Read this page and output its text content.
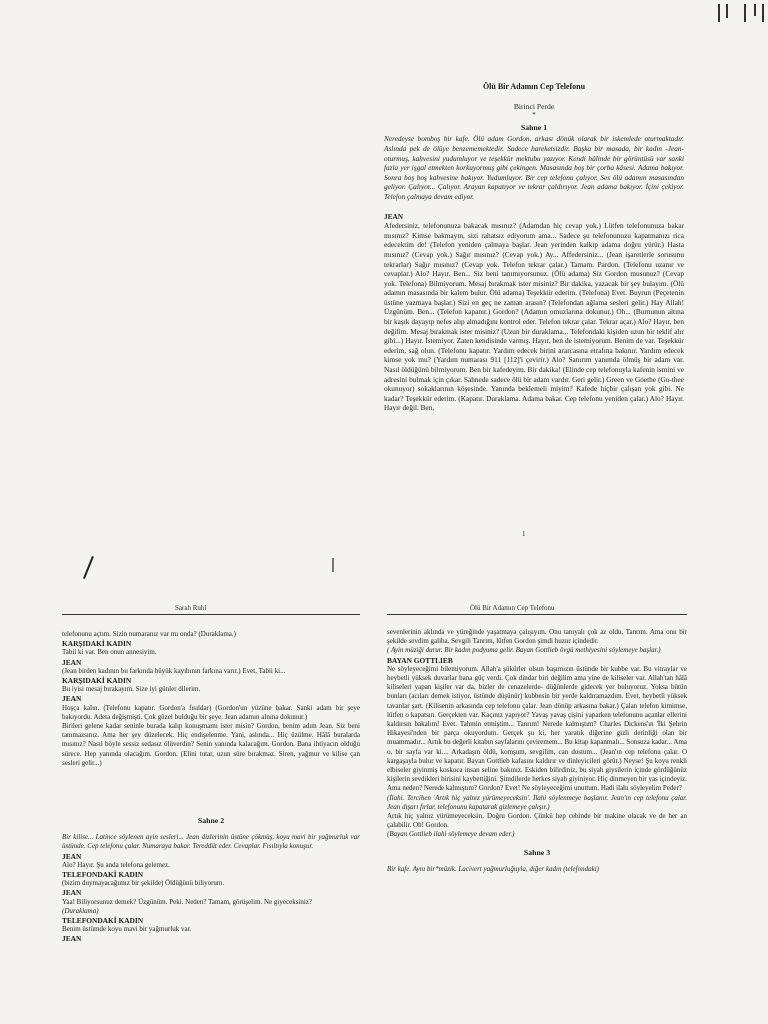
Ölü Bir Adamın Cep Telefonu

Birinci Perde

*

Sahne 1

Neredeyse bomboş bir kafe. Ölü adam Gordon, arkası dönük olarak bir iskemlede oturmaktadır. Aslında pek de ölüye benzememektedir. Sadece hareketsizdir. Başka bir masada, bir kadın -Jean- oturmuş, kahvesini yudumluyor ve teşekkür mektubu yazıyor. Kendi hâlinde bir görüntüsü var sanki fazla yer işgal etmekten korkuyormuş gibi çekingen. Masasında boş bir çorba kâsesi. Adama bakıyor. Sonra boş boş kahvesine bakıyor. Yudumluyor. Bir cep telefonu çalıyor. Ses ölü adamın masasından geliyor. Çalıyor... Çalıyor. Arayan kapatıyor ve tekrar çaldırıyor. Jean adama bakıyor. İçini çekiyor. Telefon çalmaya devam ediyor.

JEAN

Afedersiniz, telefonunuza bakacak mısınız? (Adamdan hiç cevap yok.) Lütfen telefonunuza bakar mısınız? Kimse bakmayın, sizi rahatsız ediyorum ama... Sadece şu telefonunuzu kapatmanızı rica edecektim de! (Telefon yeniden çalmaya başlar. Jean yerinden kalkıp adama doğru yürür.) Hasta mısınız? (Cevap yok.) Sağır mısınız? (Cevap yok.) Ay... Affedersiniz... (Jean işaretlerle sorusunu tekrarlar) Sağır mısınız? (Cevap yok. Telefon tekrar çalar.) Tamam. Pardon. (Telefonu uzanır ve cevaplar.) Alo? Hayır. Ben... Siz beni tanımıyorsunuz. (Ölü adama) Siz Gordon musunuz? (Cevap yok. Telefona) Bilmiyorum. Mesaj bırakmak ister misiniz? Bir dakika, yazacak bir şey bulayım. (Ölü adamın masasında bir kalem bulur. Ölü adama) Teşekkür ederim. (Telefona) Evet. Buyrun (Peçetenin üstüne yazmaya başlar.) Sizi en geç ne zaman arasın? (Telefondan ağlama sesleri gelir.) Hay Allah! Üzgünüm. Ben... (Telefon kapanır.) Gordon? (Adamın omuzlarına dokunur.) Oh... (Burnunun altına bir kaşık dayayıp nefes alıp almadığını kontrol eder. Telefon tekrar çalar. Tekrar açar.) Alo? Hayır, ben değilim. Mesaj bırakmak ister misiniz? (Uzun bir duraklama... Telefondaki kişiden uzun bir teklif alır gibi...) Hayır. İstemiyor. Zaten kendisinde varmış. Hayır, ben de istemiyorum. Benim de var. Teşekkür ederim, sağ olun. (Telefonu kapatır. Yardım edecek birini ararcasına etrafına bakınır. Yardım edecek kimse yok mu? (Yardım numarası 911 [112]'i çevirir.) Alo? Sanırım yanımda ölmüş bir adam var. Nasıl öldüğünü bilmiyorum. Ben bir kafedeyim. Bir dakika! (Elinde cep telefonuyla kafenin ismini ve adresini bulmak için çıkar. Sahnede sadece ölü bir adam vardır. Geri gelir.) Green ve Goethe (Go-thee okunuyor) sokaklarının köşesinde. Yanında beklemeli miyim? Kafede hiçbir çalışan yok gibi. Ne kadar? Teşekkür ederim. (Kapatır. Duraklama. Adama bakar. Cep telefonu yeniden çalar.) Alo? Hayır. Hayır değil. Ben,

1
Sarah Ruhl	Ölü Bir Adamın Cep Telefonu

telefonunu açtım. Sizin numaranız var mı onda? (Duraklama.)

KARŞIDAKİ KADIN

Tabii ki var. Ben onun annesiyim.

JEAN

(Jean birden kadının bu farkında büyük kayıbının farkına varır.) Evet, Tabii ki...

KARŞIDAKİ KADIN

Bu iyisi mesaj bırakayım. Size iyi günler dilerim.

JEAN

Hoşça kalın. (Telefonu kapatır. Gordon'a fısıldar) (Gordon'un yüzüne bakar. Sanki adam bir şeye bakıyordu. Adeta değişmişti. Çok güzel bulduğu bir şeye. Jean adamın alnına dokunur.)

Birileri gelene kadar seninle burada kalıp konuşmamı ister misin? Gordon, benim adım Jean. Siz beni tanımazsınız. Ama her şey düzelecek. Hiç endişelenme. Yani, aslında... Hiç üzülme. Hâlâ buralarda mısınız? Nasıl böyle sessiz sedasız ölüverdin? Senin yanında kalacağım. Gordon. Bana ihtiyacın olduğu sürece. Hep yanında olacağım. Gordon. (Elini tutar, uzun süre bırakmaz. Siren, yağmur ve kilise çan sesleri gelir...)

Sahne 2

Bir kilise... Latince söylenen ayin sesleri... Jean dizlerinin üstüne çökmüş, koyu mavi bir yağmurluk var üstünde. Cep telefonu çalar. Numaraya bakar. Tereddüt eder. Cevaplar. Fısıltıyla konuşur.

JEAN

Alo? Hayır. Şu anda telefona gelemez.

TELEFONDAKİ KADIN

(bizim duymayacağımız bir şekilde) Öldüğünü biliyorum.

JEAN

Yaa! Biliyorsunuz demek? Üzgünüm. Peki. Neden? Tamam, görüşelim. Ne giyeceksiniz?

(Duraklama)

TELEFONDAKİ KADIN

Benim üstümde koyu mavi bir yağmurluk var.

JEAN

sevenlerinin aklında ve yüreğinde yaşatmaya çalışıyım. Onu tanıyalı çok az oldu, Tanrım. Ama onu bir şekilde sevdim galiba. Sevgili Tanrım, lütfen Gordon şimdi huzur içindedir.

( Ayin müziği durur. Bir kadın podyuma gelir. Bayan Gottlieb övgü methiyesini söylemeye başlar.)

BAYAN GOTTLIEB

Ne söyleyeceğimi bilemiyorum. Allah'a şükürler olsun başımızın üstünde bir kubbe var. Bu vitraylar ve heybetli yüksek duvarlar bana güç verdi. Çok dindar biri değilim ama yine de kiliseler var. Allah'tan hâlâ kiliseleri yapan kişiler var da, bizler de cenazelerde- düğünlerde gidecek yer buluyoruz. Yoksa bütün bunları (acıları demek istiyor, üstünde düşünür) kubbesin bir yerde kaldıramazdım. Evet, heybetli yüksek tavanlar şart. (Kilisenin arkasında cep telefonu çalar. Jean dönüp arkasına bakar.) Çalan telefon kimimse, lütfen o kapatsın. Gerçekten var. Kaçınız yapıyor? Yavaş yavaş çişini yaparken telefonunu açanlar ellerini kaldırsın bakalım! Evet. Tahmin etmiştim... Tanrım! Nerede kalmıştım? Charles Dickens'ın 'İki Şehrin Hikayesi'nden bir parça okuyordum. Gerçek şu ki, her yaratık diğerine gizli derinliği olan bir muammadır... Artık bu değerli kitabın sayfalarını çeviremem... Bu kitap kapanmalı... Sonsuza kadar... Ama o, bir sayfa var ki.... Arkadaşın öldü, komşum, sevgilim, can dostum... (Jean'ın cep telefonu çalar. O kargaşayla bulur ve kapatır. Bayan Gottlieb kafasını kaldırır ve dinleyicileri görür.) Neyse! Şu koyu renkli elbiseler giyinmiş koskoca insan seline bakınız. Eskiden bilirdiniz, bu siyah giysilerin içinde gördüğünüz kişilerin sevdikleri birisini kaybettiğini. Şimdilerde herkes siyah giyiniyor. Hiç dinmeyen bir yas içindeyiz. Ama neden? Nerede kalmıştım? Gordon? Evet! Ne söyleyeceğimi unuttum. Hadi ilahı söyleyelim Peder?

(İlahi. Tercihen 'Artık hiç yalnız yürümeyeceksin'. İlahi söylenmeye başlanır. Jean'ın cep telefonu çalar. Jean dışarı fırlar, telefonunu kapatarak gizlemeye çalışır.)

Artık hiç yalnız yürümeyeceksin. Doğru Gordon. Çünkü hep cebinde bir makine olacak ve de her an çalabilir. Oh! Gordon.

(Bayan Gottlieb ilahi söylemeye devam eder.)

Sahne 3

Bir kafe. Aynı bir*müzik. Lacivert yağmurluğuyla, diğer kadın (telefondaki)
